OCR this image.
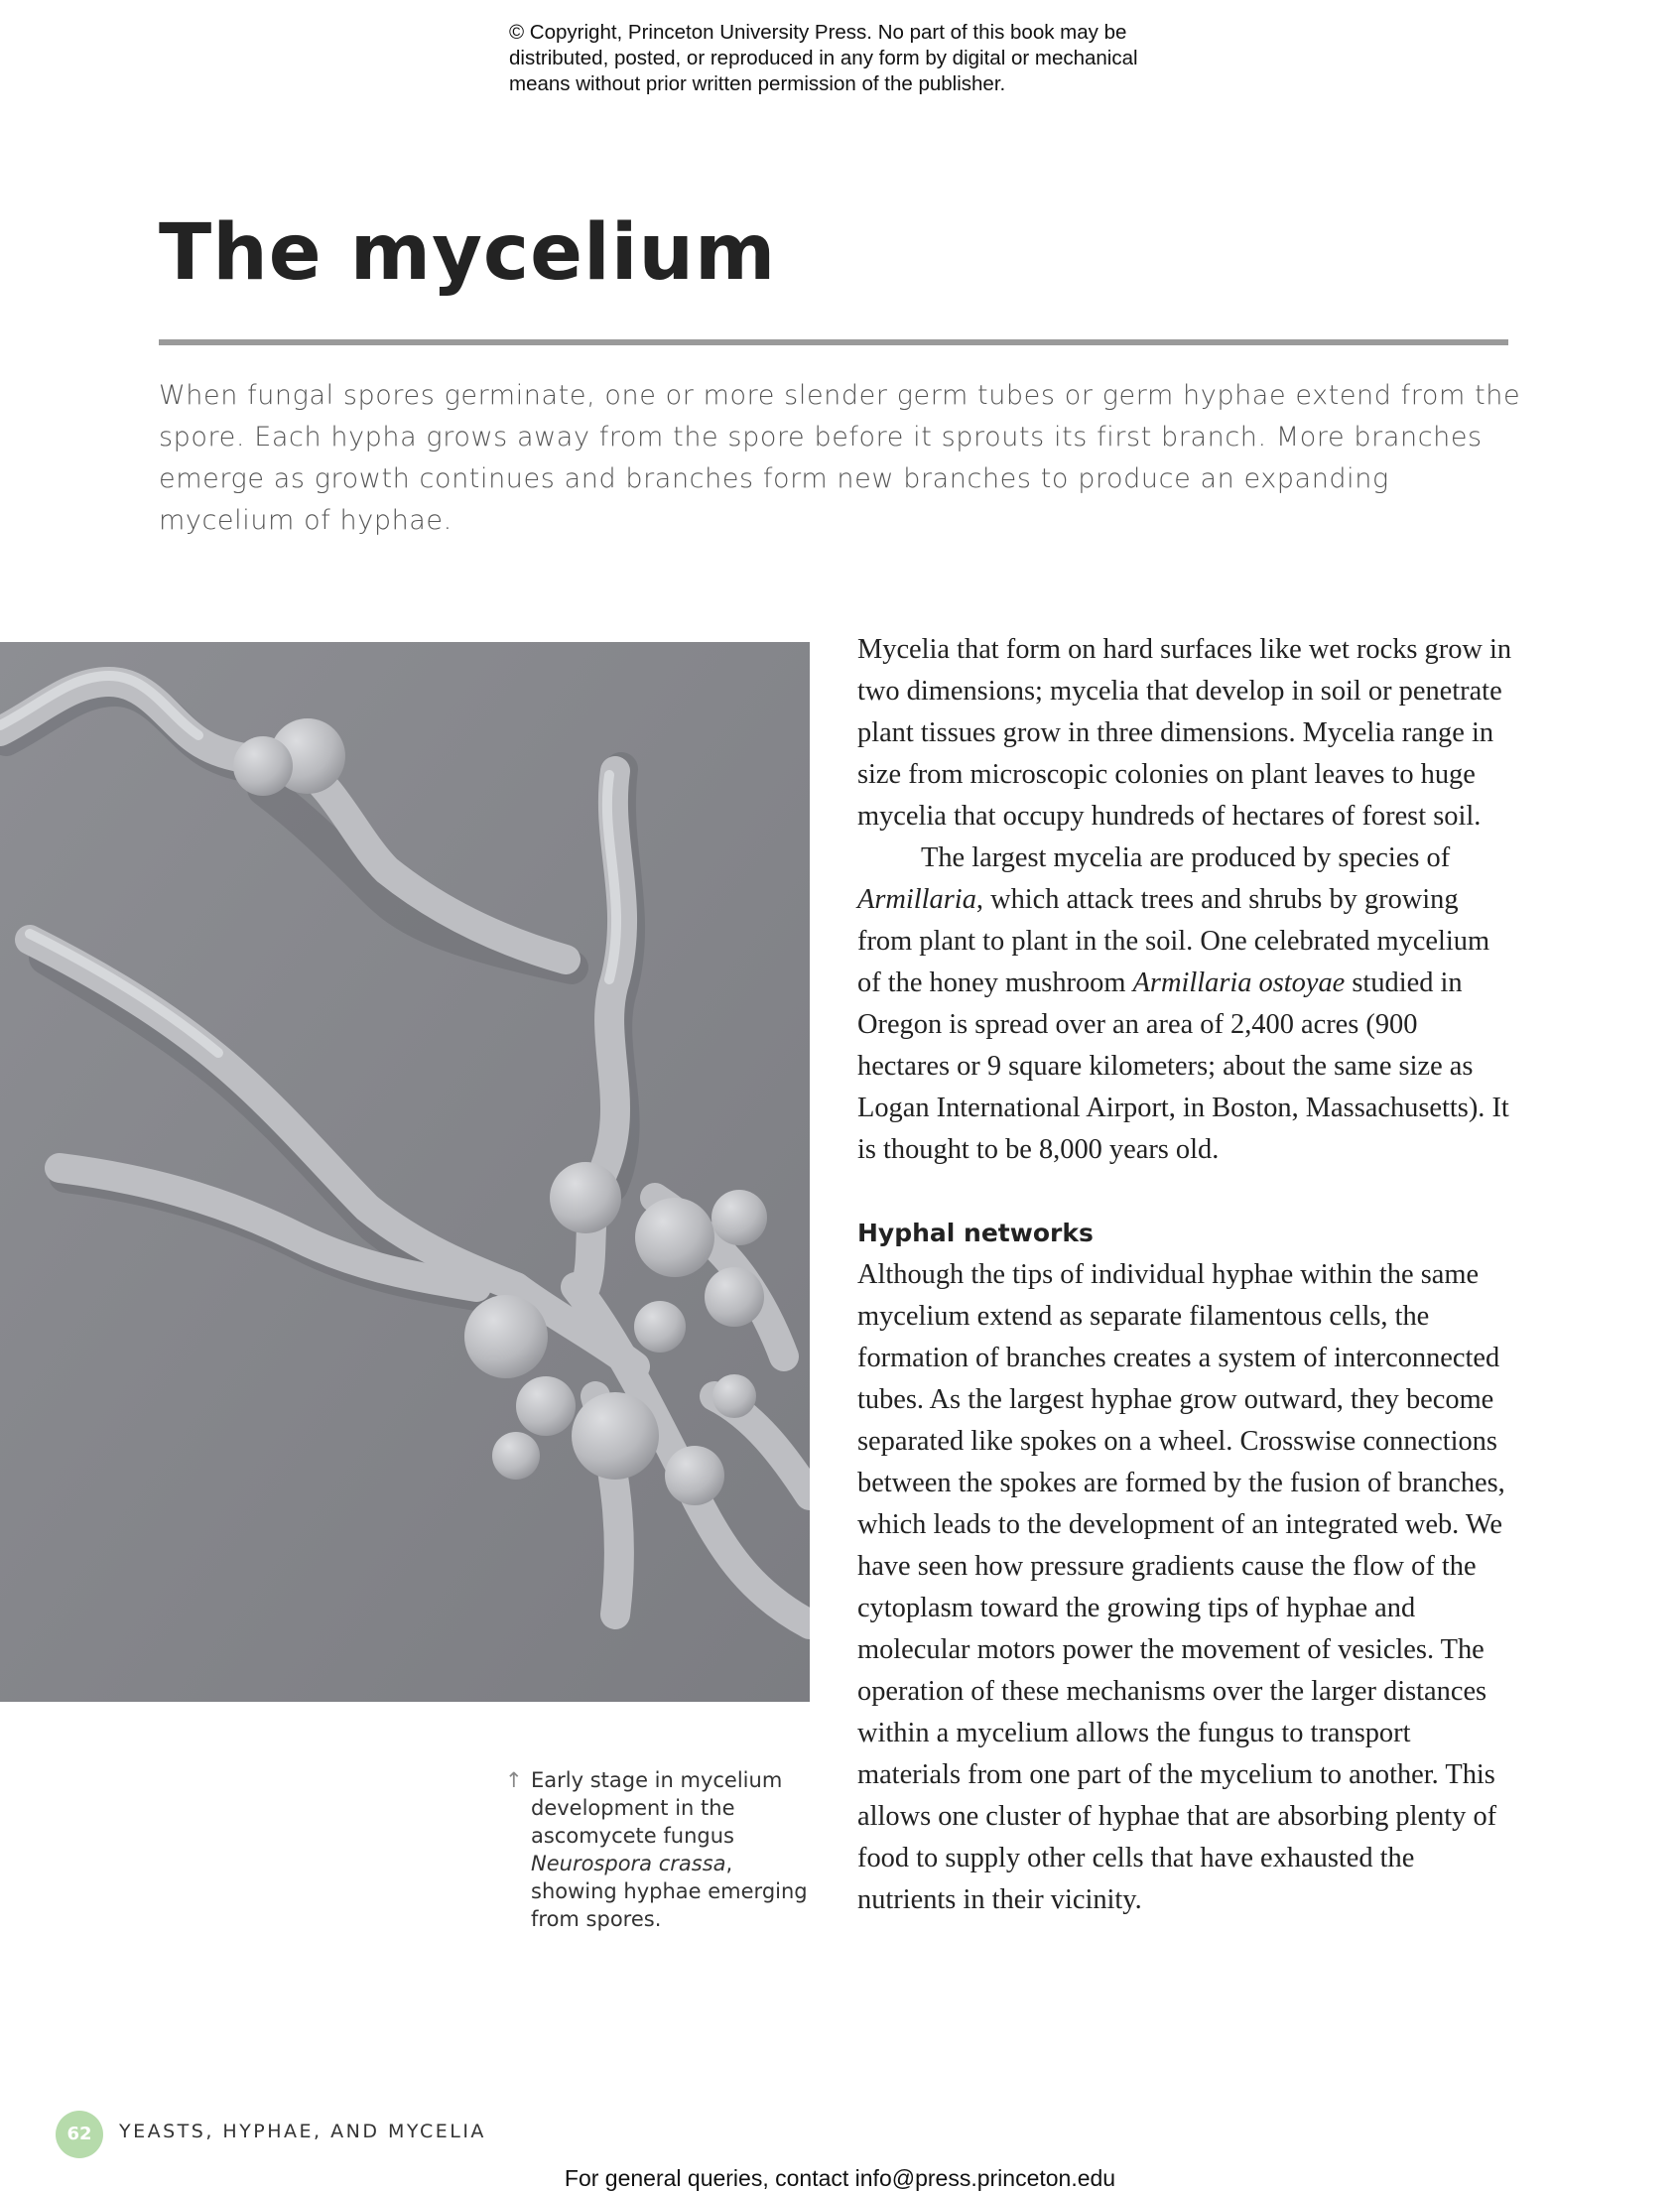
© Copyright, Princeton University Press. No part of this book may be
distributed, posted, or reproduced in any form by digital or mechanical
means without prior written permission of the publisher.
The mycelium

When fungal spores germinate, one or more slender germ tubes or germ hyphae extend from the spore. Each hypha grows away from the spore before it sprouts its first branch. More branches emerge as growth continues and branches form new branches to produce an expanding mycelium of hyphae.

↑ Early stage in mycelium development in the ascomycete fungus Neurospora crassa, showing hyphae emerging from spores.

Mycelia that form on hard surfaces like wet rocks grow in two dimensions; mycelia that develop in soil or penetrate plant tissues grow in three dimensions. Mycelia range in size from microscopic colonies on plant leaves to huge mycelia that occupy hundreds of hectares of forest soil.

The largest mycelia are produced by species of Armillaria, which attack trees and shrubs by growing from plant to plant in the soil. One celebrated mycelium of the honey mushroom Armillaria ostoyae studied in Oregon is spread over an area of 2,400 acres (900 hectares or 9 square kilometers; about the same size as Logan International Airport, in Boston, Massachusetts). It is thought to be 8,000 years old.

Hyphal networks

Although the tips of individual hyphae within the same mycelium extend as separate filamentous cells, the formation of branches creates a system of interconnected tubes. As the largest hyphae grow outward, they become separated like spokes on a wheel. Crosswise connections between the spokes are formed by the fusion of branches, which leads to the development of an integrated web. We have seen how pressure gradients cause the flow of the cytoplasm toward the growing tips of hyphae and molecular motors power the movement of vesicles. The operation of these mechanisms over the larger distances within a mycelium allows the fungus to transport materials from one part of the mycelium to another. This allows one cluster of hyphae that are absorbing plenty of food to supply other cells that have exhausted the nutrients in their vicinity.

62	YEASTS, HYPHAE, AND MYCELIA
For general queries, contact info@press.princeton.edu
